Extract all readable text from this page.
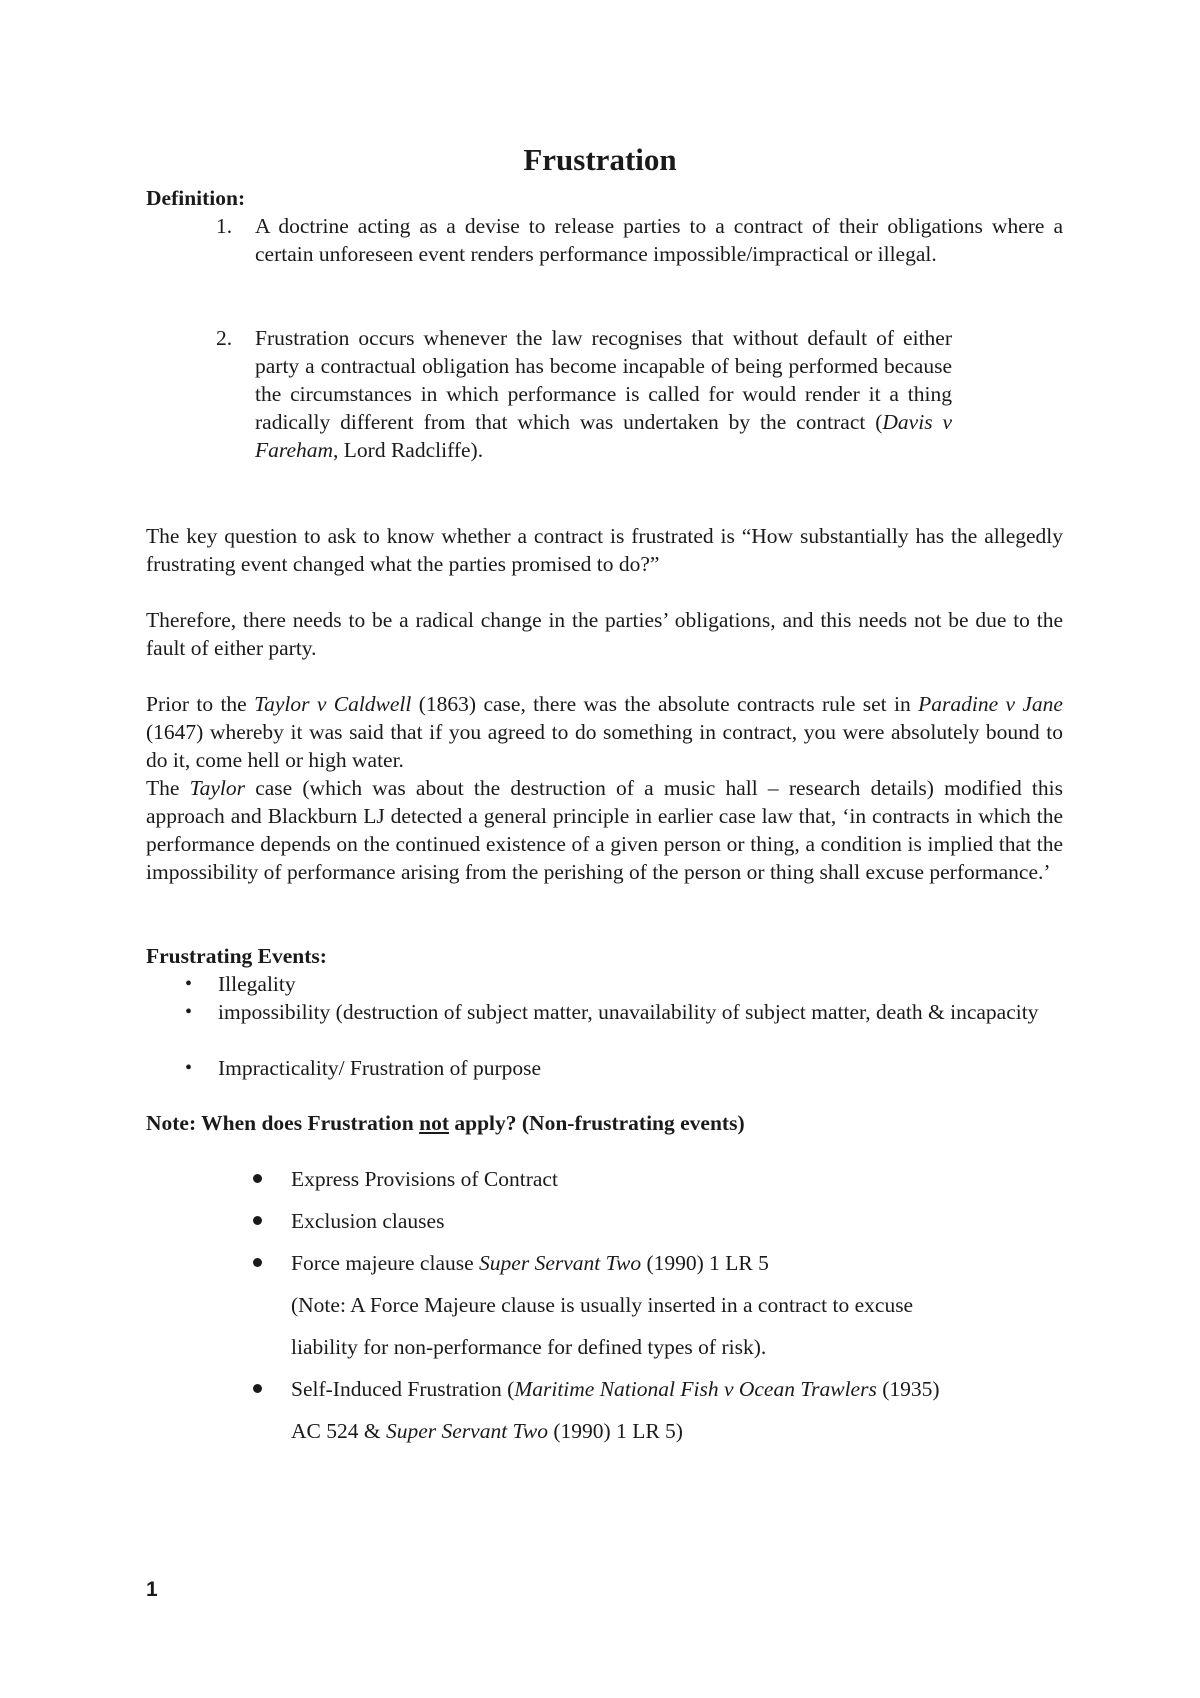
Frustration
Definition:
1. A doctrine acting as a devise to release parties to a contract of their obligations where a certain unforeseen event renders performance impossible/impractical or illegal.
2. Frustration occurs whenever the law recognises that without default of either party a contractual obligation has become incapable of being performed because the circumstances in which performance is called for would render it a thing radically different from that which was undertaken by the contract (Davis v Fareham, Lord Radcliffe).
The key question to ask to know whether a contract is frustrated is “How substantially has the allegedly frustrating event changed what the parties promised to do?”
Therefore, there needs to be a radical change in the parties’ obligations, and this needs not be due to the fault of either party.
Prior to the Taylor v Caldwell (1863) case, there was the absolute contracts rule set in Paradine v Jane (1647) whereby it was said that if you agreed to do something in contract, you were absolutely bound to do it, come hell or high water.
The Taylor case (which was about the destruction of a music hall – research details) modified this approach and Blackburn LJ detected a general principle in earlier case law that, ‘in contracts in which the performance depends on the continued existence of a given person or thing, a condition is implied that the impossibility of performance arising from the perishing of the person or thing shall excuse performance.’
Frustrating Events:
• Illegality
• impossibility (destruction of subject matter, unavailability of subject matter, death & incapacity
• Impracticality/ Frustration of purpose
Note: When does Frustration not apply? (Non-frustrating events)
Express Provisions of Contract
Exclusion clauses
Force majeure clause Super Servant Two (1990) 1 LR 5
(Note: A Force Majeure clause is usually inserted in a contract to excuse
liability for non-performance for defined types of risk).
Self-Induced Frustration (Maritime National Fish v Ocean Trawlers (1935)
AC 524 & Super Servant Two (1990) 1 LR 5)
1
